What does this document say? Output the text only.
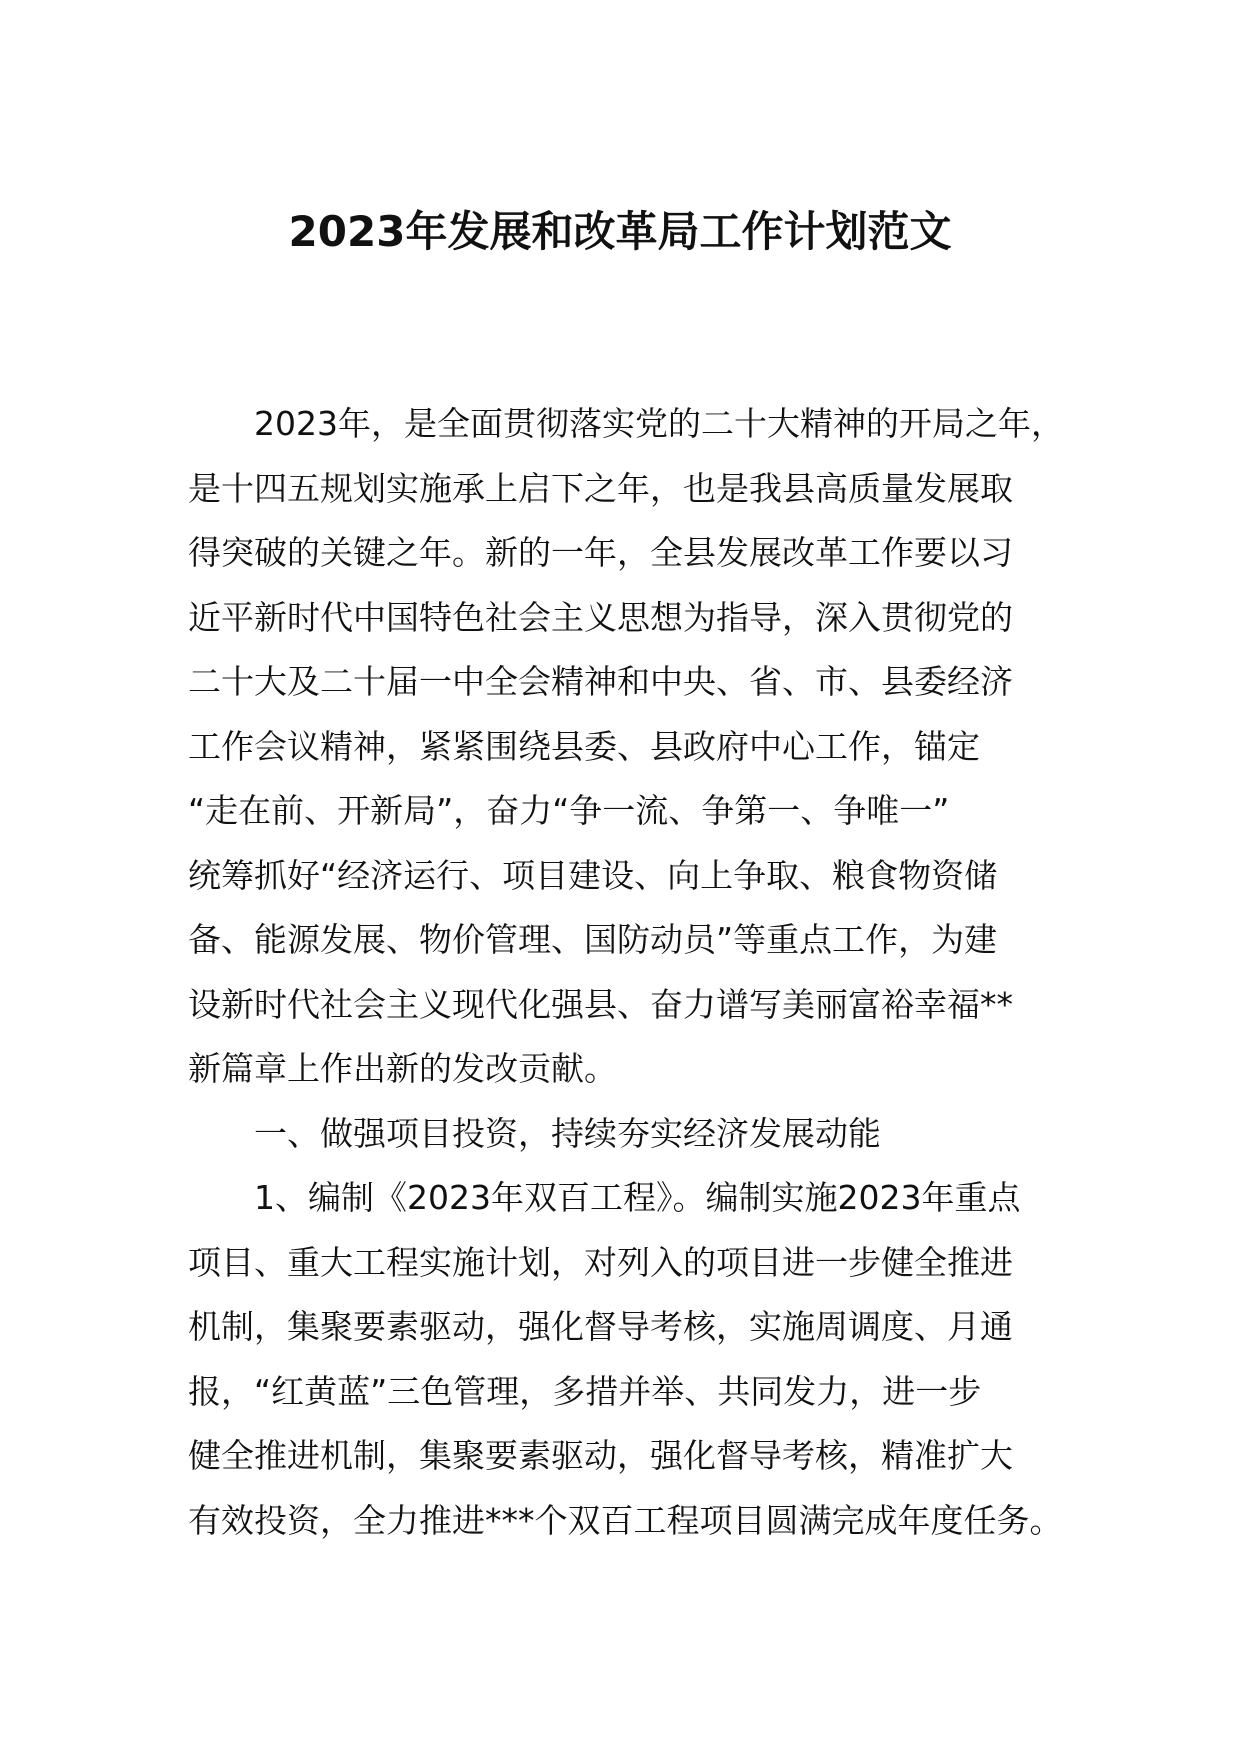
2023年发展和改革局工作计划范文
2023年，是全面贯彻落实党的二十大精神的开局之年，
是十四五规划实施承上启下之年，也是我县高质量发展取
得突破的关键之年。新的一年，全县发展改革工作要以习
近平新时代中国特色社会主义思想为指导，深入贯彻党的
二十大及二十届一中全会精神和中央、省、市、县委经济
工作会议精神，紧紧围绕县委、县政府中心工作，锚定
“走在前、开新局”，奋力“争一流、争第一、争唯一”
统筹抓好“经济运行、项目建设、向上争取、粮食物资储
备、能源发展、物价管理、国防动员”等重点工作，为建
设新时代社会主义现代化强县、奋力谱写美丽富裕幸福**
新篇章上作出新的发改贡献。
一、做强项目投资，持续夯实经济发展动能
1、编制《2023年双百工程》。编制实施2023年重点
项目、重大工程实施计划，对列入的项目进一步健全推进
机制，集聚要素驱动，强化督导考核，实施周调度、月通
报，“红黄蓝”三色管理，多措并举、共同发力，进一步
健全推进机制，集聚要素驱动，强化督导考核，精准扩大
有效投资，全力推进***个双百工程项目圆满完成年度任务。
